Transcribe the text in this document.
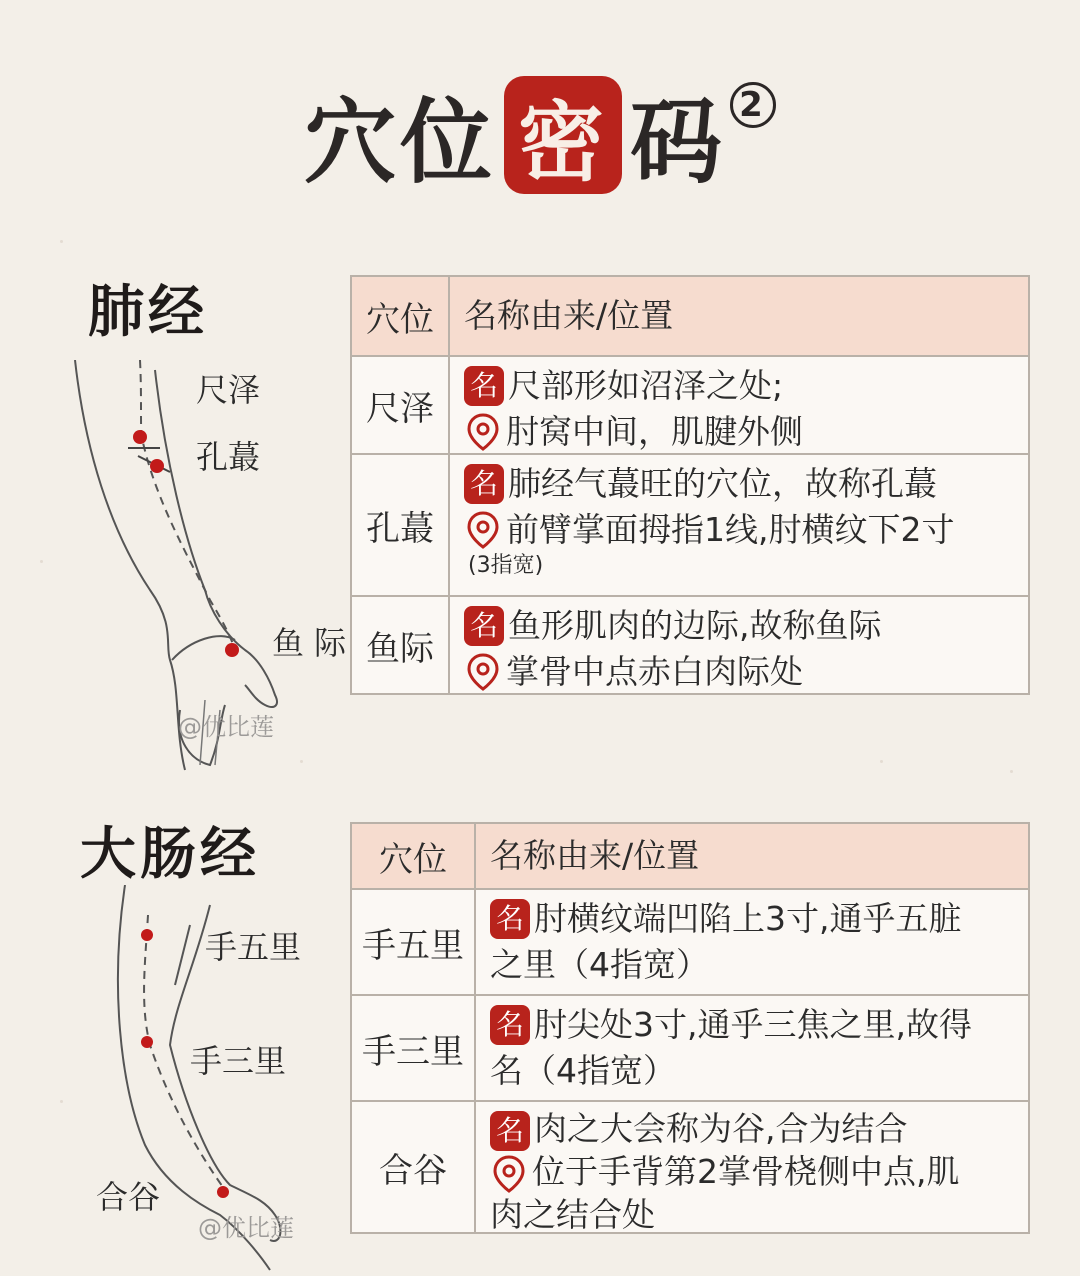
穴位 密 码 2
肺经
尺泽
孔蕞
鱼 际
@优比莲
穴位 名称由来/位置
尺泽
名 尺部形如沼泽之处;
肘窝中间，肌腱外侧
孔蕞
名 肺经气蕞旺的穴位，故称孔蕞
前臂掌面拇指1线,肘横纹下2寸
(3指宽)
鱼际
名 鱼形肌肉的边际,故称鱼际
掌骨中点赤白肉际处
大肠经
手五里
手三里
合谷
@优比莲
穴位	名称由来/位置
手五里
名 肘横纹端凹陷上3寸,通乎五脏
之里（4指宽）
手三里
名 肘尖处3寸,通乎三焦之里,故得
名（4指宽）
合谷
名 肉之大会称为谷,合为结合
位于手背第2掌骨桡侧中点,肌
肉之结合处
